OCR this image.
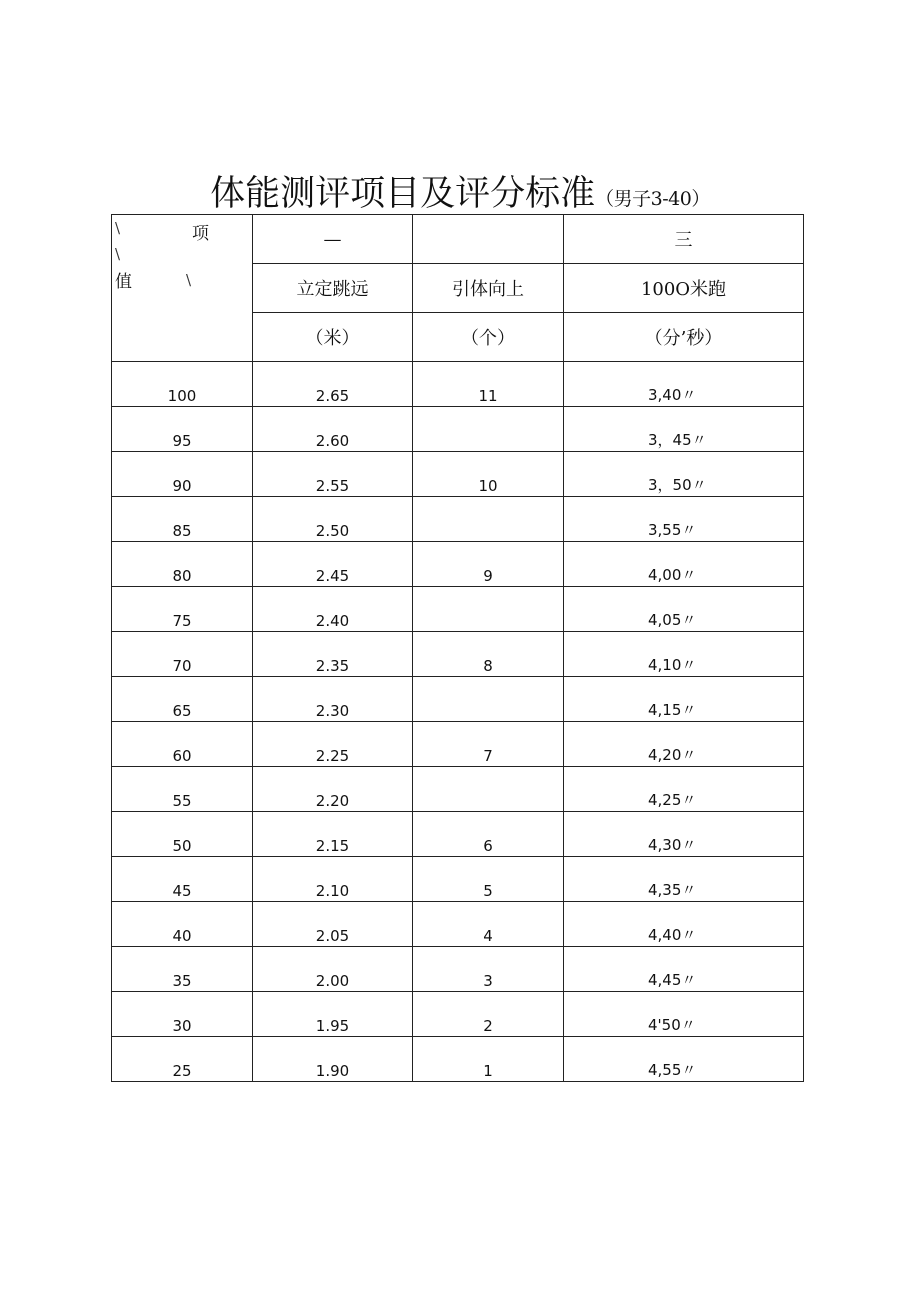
体能测评项目及评分标准（男子3-40）
\ 项
\
值 \	—		三
	立定跳远	引体向上	100O米跑
	（米）	（个）	（分’秒）
100	2.65	11	3,40〃
95	2.60		3，45〃
90	2.55	10	3，50〃
85	2.50		3,55〃
80	2.45	9	4,00〃
75	2.40		4,05〃
70	2.35	8	4,10〃
65	2.30		4,15〃
60	2.25	7	4,20〃
55	2.20		4,25〃
50	2.15	6	4,30〃
45	2.10	5	4,35〃
40	2.05	4	4,40〃
35	2.00	3	4,45〃
30	1.95	2	4'50〃
25	1.90	1	4,55〃
